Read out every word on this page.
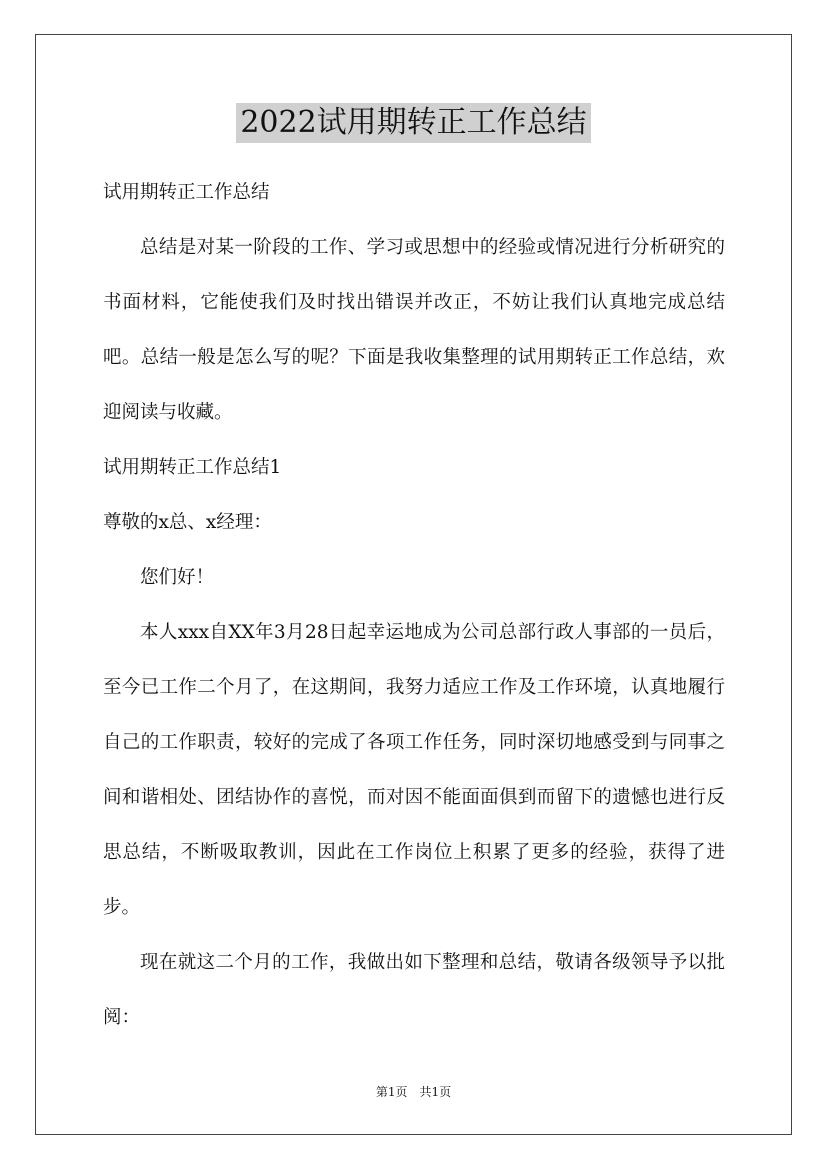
2022试用期转正工作总结
试用期转正工作总结

总结是对某一阶段的工作、学习或思想中的经验或情况进行分析研究的书面材料，它能使我们及时找出错误并改正，不妨让我们认真地完成总结吧。总结一般是怎么写的呢？下面是我收集整理的试用期转正工作总结，欢迎阅读与收藏。

试用期转正工作总结1
尊敬的x总、x经理：

您们好！

本人xxx自XX年3月28日起幸运地成为公司总部行政人事部的一员后，至今已工作二个月了，在这期间，我努力适应工作及工作环境，认真地履行自己的工作职责，较好的完成了各项工作任务，同时深切地感受到与同事之间和谐相处、团结协作的喜悦，而对因不能面面俱到而留下的遗憾也进行反思总结，不断吸取教训，因此在工作岗位上积累了更多的经验，获得了进步。

现在就这二个月的工作，我做出如下整理和总结，敬请各级领导予以批阅：

第1页　共1页
